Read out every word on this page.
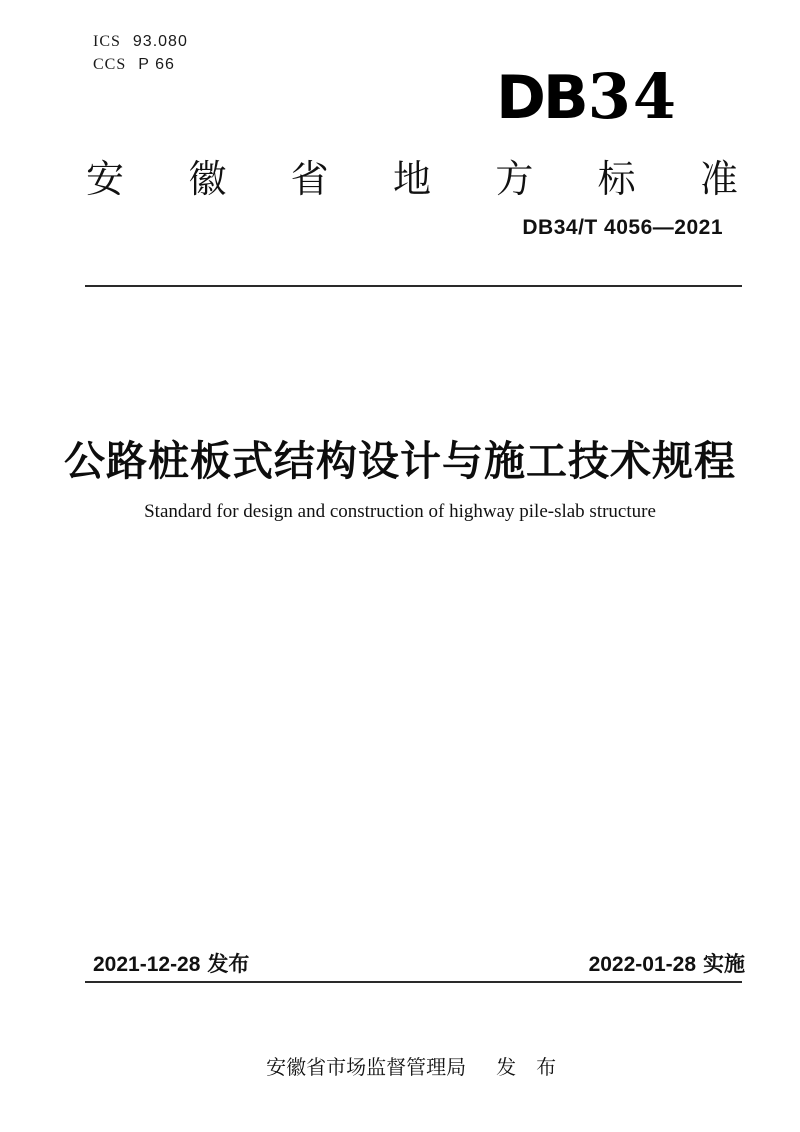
ICS 93.080
CCS P 66	DB34
安 徽 省 地 方 标 准
DB34/T 4056—2021
公路桩板式结构设计与施工技术规程
Standard for design and construction of highway pile-slab structure
2021-12-28 发布	2022-01-28 实施

安徽省市场监督管理局 发　布
